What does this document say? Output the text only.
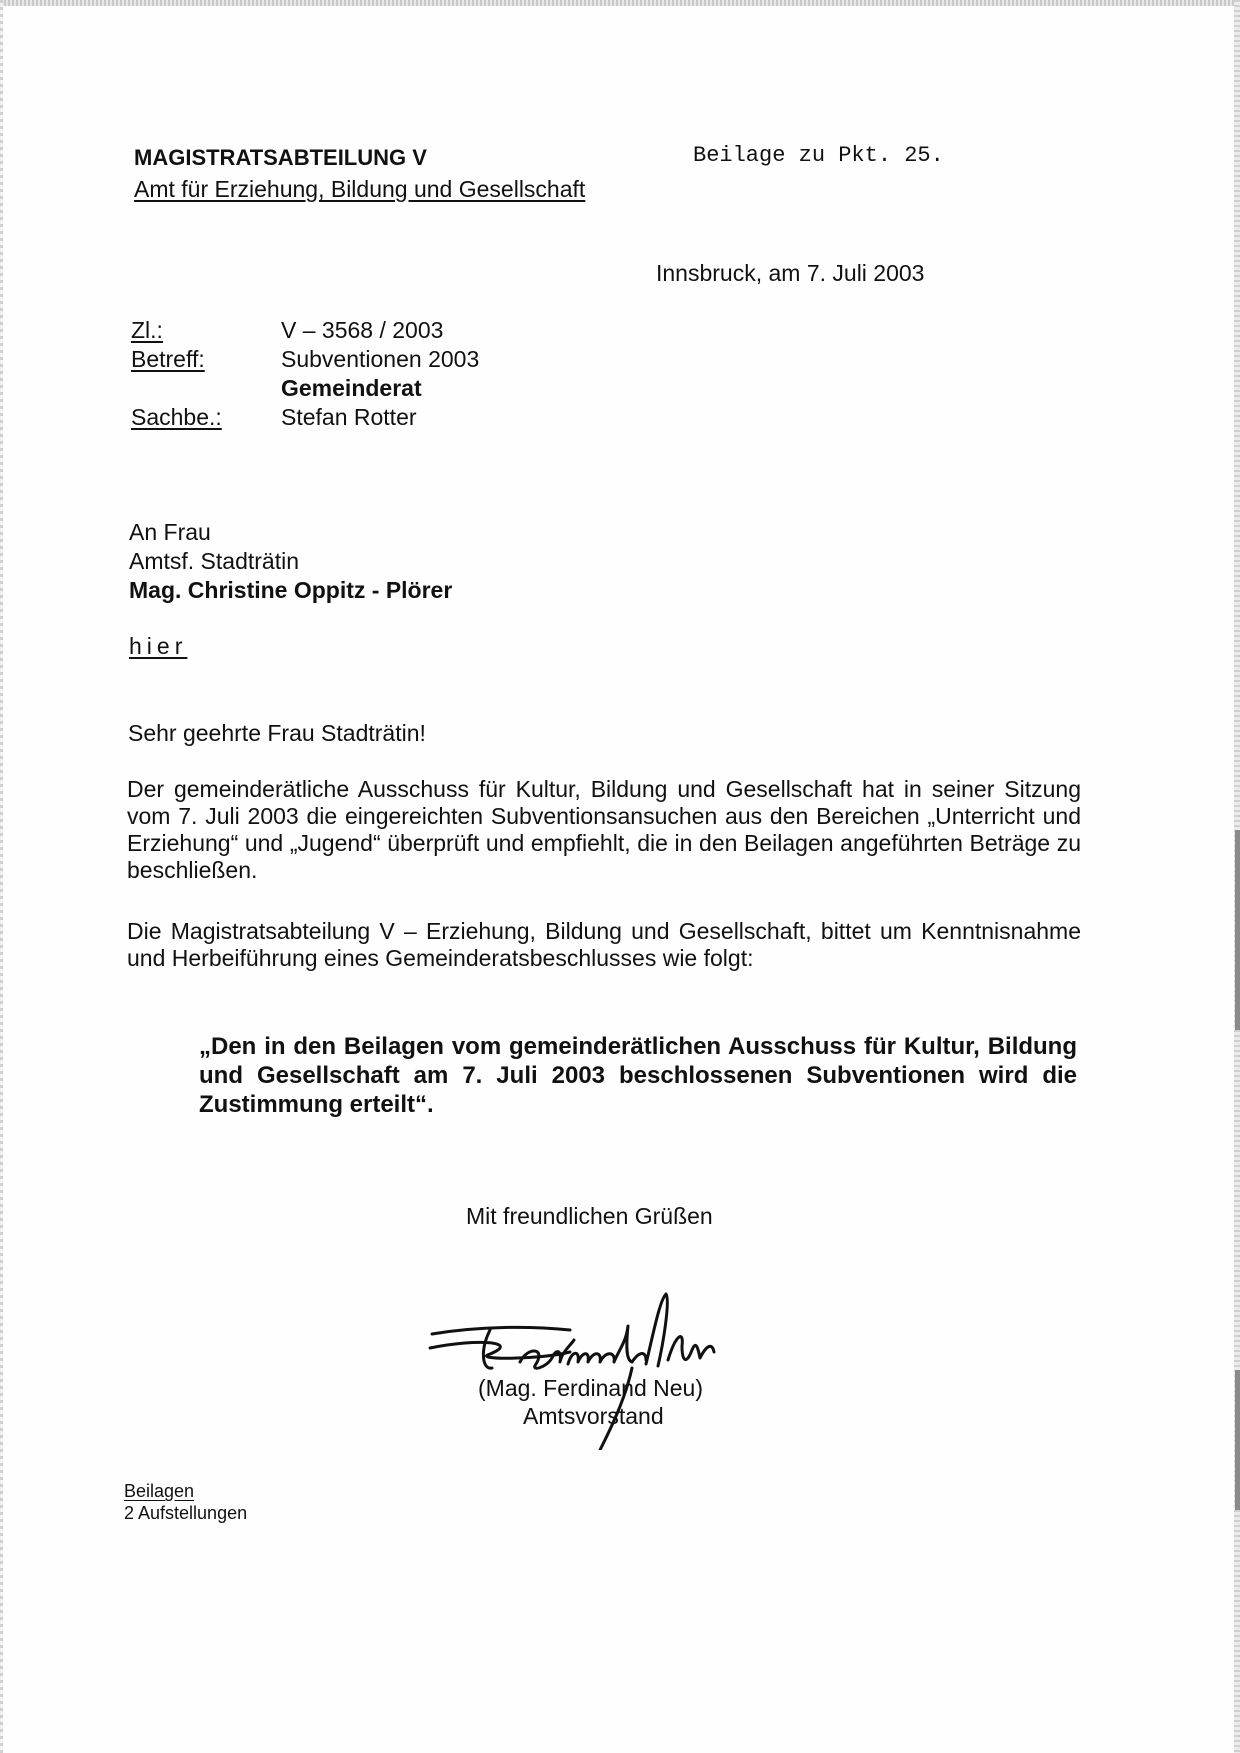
MAGISTRATSABTEILUNG V
Amt für Erziehung, Bildung und Gesellschaft
Beilage zu Pkt. 25.
Innsbruck, am 7. Juli 2003
Zl.:	V – 3568 / 2003
Betreff:	Subventionen 2003
Gemeinderat
Sachbe.:	Stefan Rotter
An Frau
Amtsf. Stadträtin
Mag. Christine Oppitz - Plörer
hier
Sehr geehrte Frau Stadträtin!
Der gemeinderätliche Ausschuss für Kultur, Bildung und Gesellschaft hat in seiner Sitzung vom 7. Juli 2003 die eingereichten Subventionsansuchen aus den Bereichen „Unterricht und Erziehung“ und „Jugend“ überprüft und empfiehlt, die in den Beilagen angeführten Beträge zu beschließen.
Die Magistratsabteilung V – Erziehung, Bildung und Gesellschaft, bittet um Kenntnisnahme und Herbeiführung eines Gemeinderatsbeschlusses wie folgt:
„Den in den Beilagen vom gemeinderätlichen Ausschuss für Kultur, Bildung und Gesellschaft am 7. Juli 2003 beschlossenen Subventionen wird die Zustimmung erteilt“.
Mit freundlichen Grüßen
(Mag. Ferdinand Neu)
Amtsvorstand
Beilagen
2 Aufstellungen
